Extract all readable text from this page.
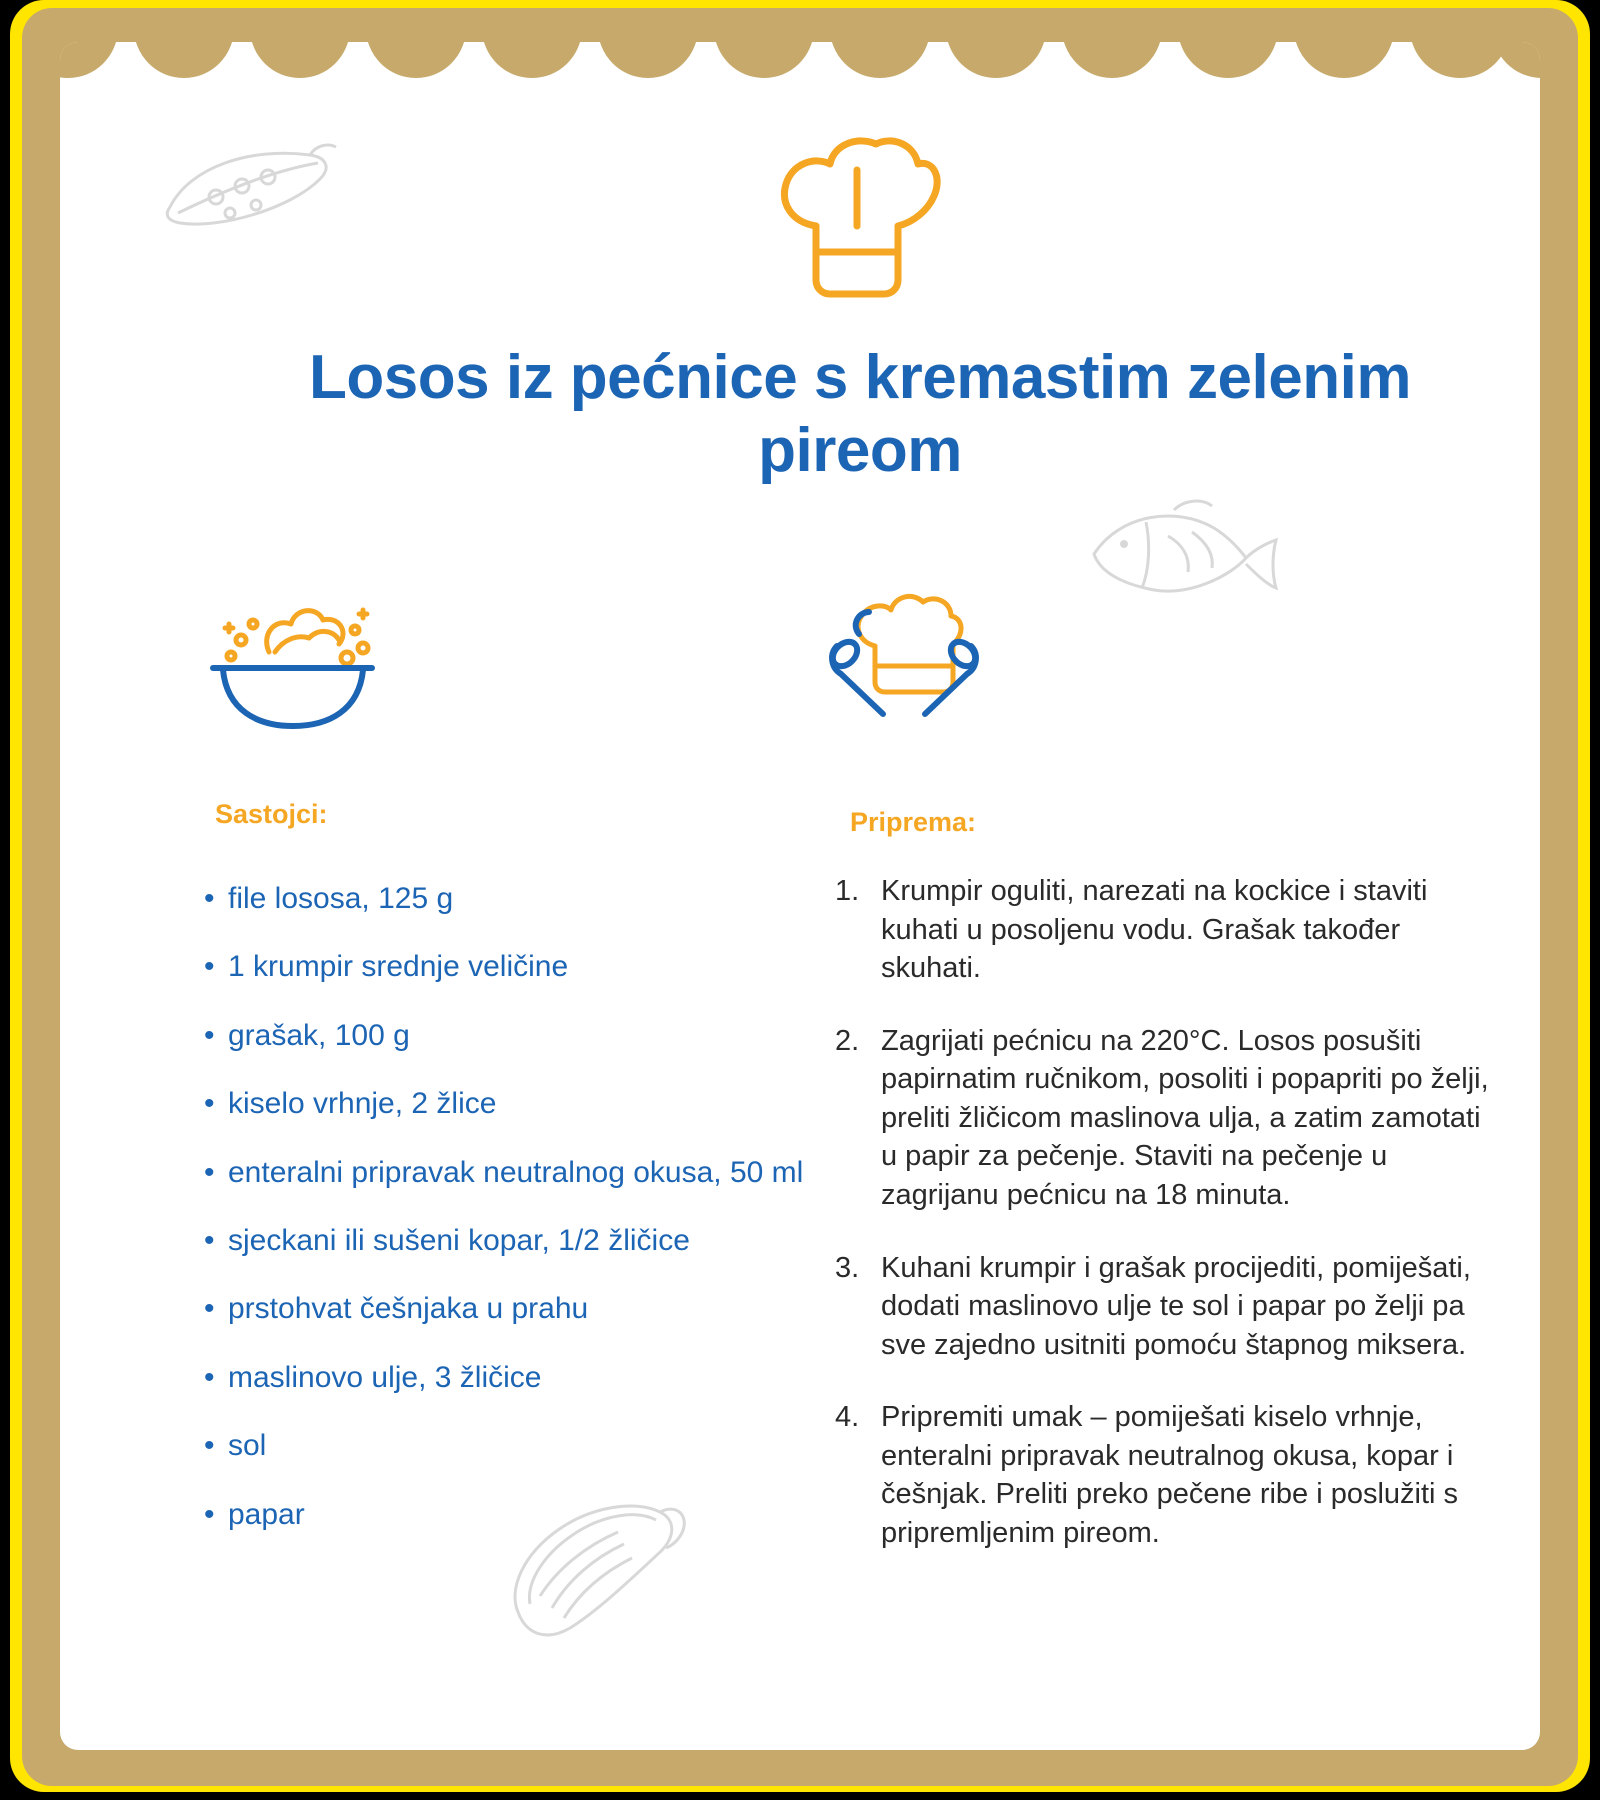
Losos iz pećnice s kremastim zelenim pireom
Sastojci:	Priprema:
• file lososa, 125 g
• 1 krumpir srednje veličine
• grašak, 100 g
• kiselo vrhnje, 2 žlice
• enteralni pripravak neutralnog okusa, 50 ml
• sjeckani ili sušeni kopar, 1/2 žličice
• prstohvat češnjaka u prahu
• maslinovo ulje, 3 žličice
• sol
• papar
1. Krumpir oguliti, narezati na kockice i staviti kuhati u posoljenu vodu. Grašak također skuhati.
2. Zagrijati pećnicu na 220°C. Losos posušiti papirnatim ručnikom, posoliti i popapriti po želji, preliti žličicom maslinova ulja, a zatim zamotati u papir za pečenje. Staviti na pečenje u zagrijanu pećnicu na 18 minuta.
3. Kuhani krumpir i grašak procijediti, pomiješati, dodati maslinovo ulje te sol i papar po želji pa sve zajedno usitniti pomoću štapnog miksera.
4. Pripremiti umak – pomiješati kiselo vrhnje, enteralni pripravak neutralnog okusa, kopar i češnjak. Preliti preko pečene ribe i poslužiti s pripremljenim pireom.
